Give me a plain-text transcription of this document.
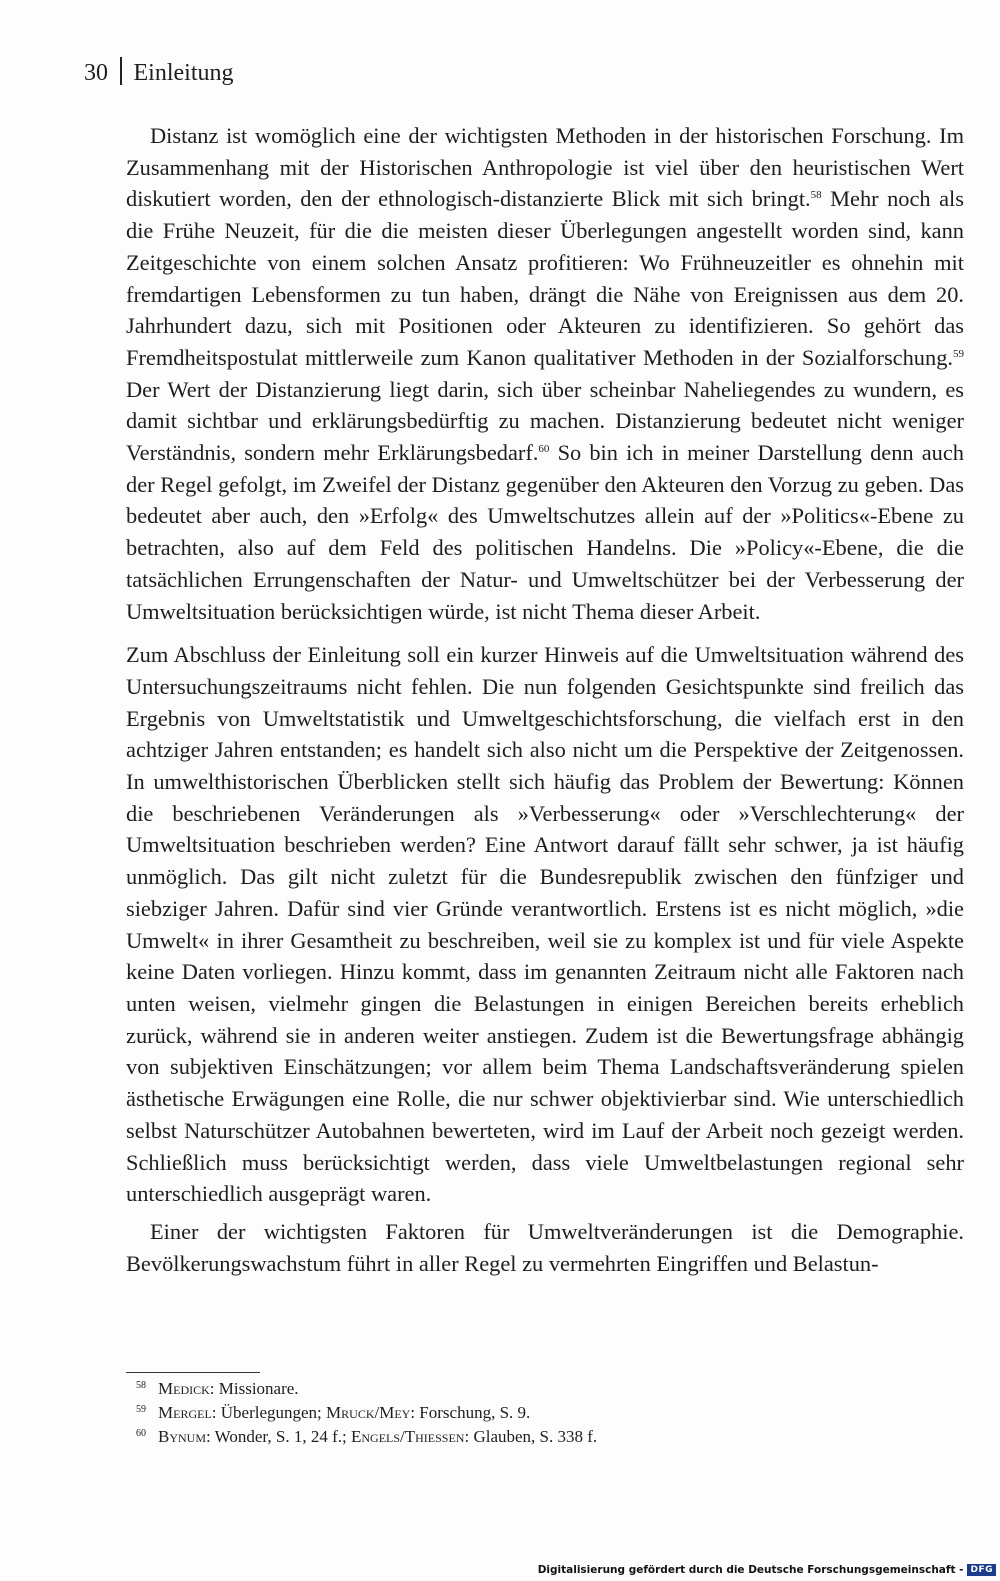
30 Einleitung

Distanz ist womöglich eine der wichtigsten Methoden in der historischen Forschung. Im Zusammenhang mit der Historischen Anthropologie ist viel über den heuristischen Wert diskutiert worden, den der ethnologisch-distanzierte Blick mit sich bringt.$^{58}$ Mehr noch als die Frühe Neuzeit, für die die meisten dieser Überlegungen angestellt worden sind, kann Zeitgeschichte von einem solchen Ansatz profitieren: Wo Frühneuzeitler es ohnehin mit fremdartigen Lebensformen zu tun haben, drängt die Nähe von Ereignissen aus dem 20. Jahrhundert dazu, sich mit Positionen oder Akteuren zu identifizieren. So gehört das Fremdheitspostulat mittlerweile zum Kanon qualitativer Methoden in der Sozialforschung.$^{59}$ Der Wert der Distanzierung liegt darin, sich über scheinbar Naheliegendes zu wundern, es damit sichtbar und erklärungsbedürftig zu machen. Distanzierung bedeutet nicht weniger Verständnis, sondern mehr Erklärungsbedarf.$^{60}$ So bin ich in meiner Darstellung denn auch der Regel gefolgt, im Zweifel der Distanz gegenüber den Akteuren den Vorzug zu geben. Das bedeutet aber auch, den »Erfolg« des Umweltschutzes allein auf der »Politics«-Ebene zu betrachten, also auf dem Feld des politischen Handelns. Die »Policy«-Ebene, die die tatsächlichen Errungenschaften der Natur- und Umweltschützer bei der Verbesserung der Umweltsituation berücksichtigen würde, ist nicht Thema dieser Arbeit.

Zum Abschluss der Einleitung soll ein kurzer Hinweis auf die Umweltsituation während des Untersuchungszeitraums nicht fehlen. Die nun folgenden Gesichtspunkte sind freilich das Ergebnis von Umweltstatistik und Umweltgeschichtsforschung, die vielfach erst in den achtziger Jahren entstanden; es handelt sich also nicht um die Perspektive der Zeitgenossen. In umwelthistorischen Überblicken stellt sich häufig das Problem der Bewertung: Können die beschriebenen Veränderungen als »Verbesserung« oder »Verschlechterung« der Umweltsituation beschrieben werden? Eine Antwort darauf fällt sehr schwer, ja ist häufig unmöglich. Das gilt nicht zuletzt für die Bundesrepublik zwischen den fünfziger und siebziger Jahren. Dafür sind vier Gründe verantwortlich. Erstens ist es nicht möglich, »die Umwelt« in ihrer Gesamtheit zu beschreiben, weil sie zu komplex ist und für viele Aspekte keine Daten vorliegen. Hinzu kommt, dass im genannten Zeitraum nicht alle Faktoren nach unten weisen, vielmehr gingen die Belastungen in einigen Bereichen bereits erheblich zurück, während sie in anderen weiter anstiegen. Zudem ist die Bewertungsfrage abhängig von subjektiven Einschätzungen; vor allem beim Thema Landschaftsveränderung spielen ästhetische Erwägungen eine Rolle, die nur schwer objektivierbar sind. Wie unterschiedlich selbst Naturschützer Autobahnen bewerteten, wird im Lauf der Arbeit noch gezeigt werden. Schließlich muss berücksichtigt werden, dass viele Umweltbelastungen regional sehr unterschiedlich ausgeprägt waren.

Einer der wichtigsten Faktoren für Umweltveränderungen ist die Demographie. Bevölkerungswachstum führt in aller Regel zu vermehrten Eingriffen und Belastun-

58 Medick: Missionare.
59 Mergel: Überlegungen; Mruck/Mey: Forschung, S. 9.
60 Bynum: Wonder, S. 1, 24 f.; Engels/Thiessen: Glauben, S. 338 f.
Digitalisierung gefördert durch die Deutsche Forschungsgemeinschaft - DFG
